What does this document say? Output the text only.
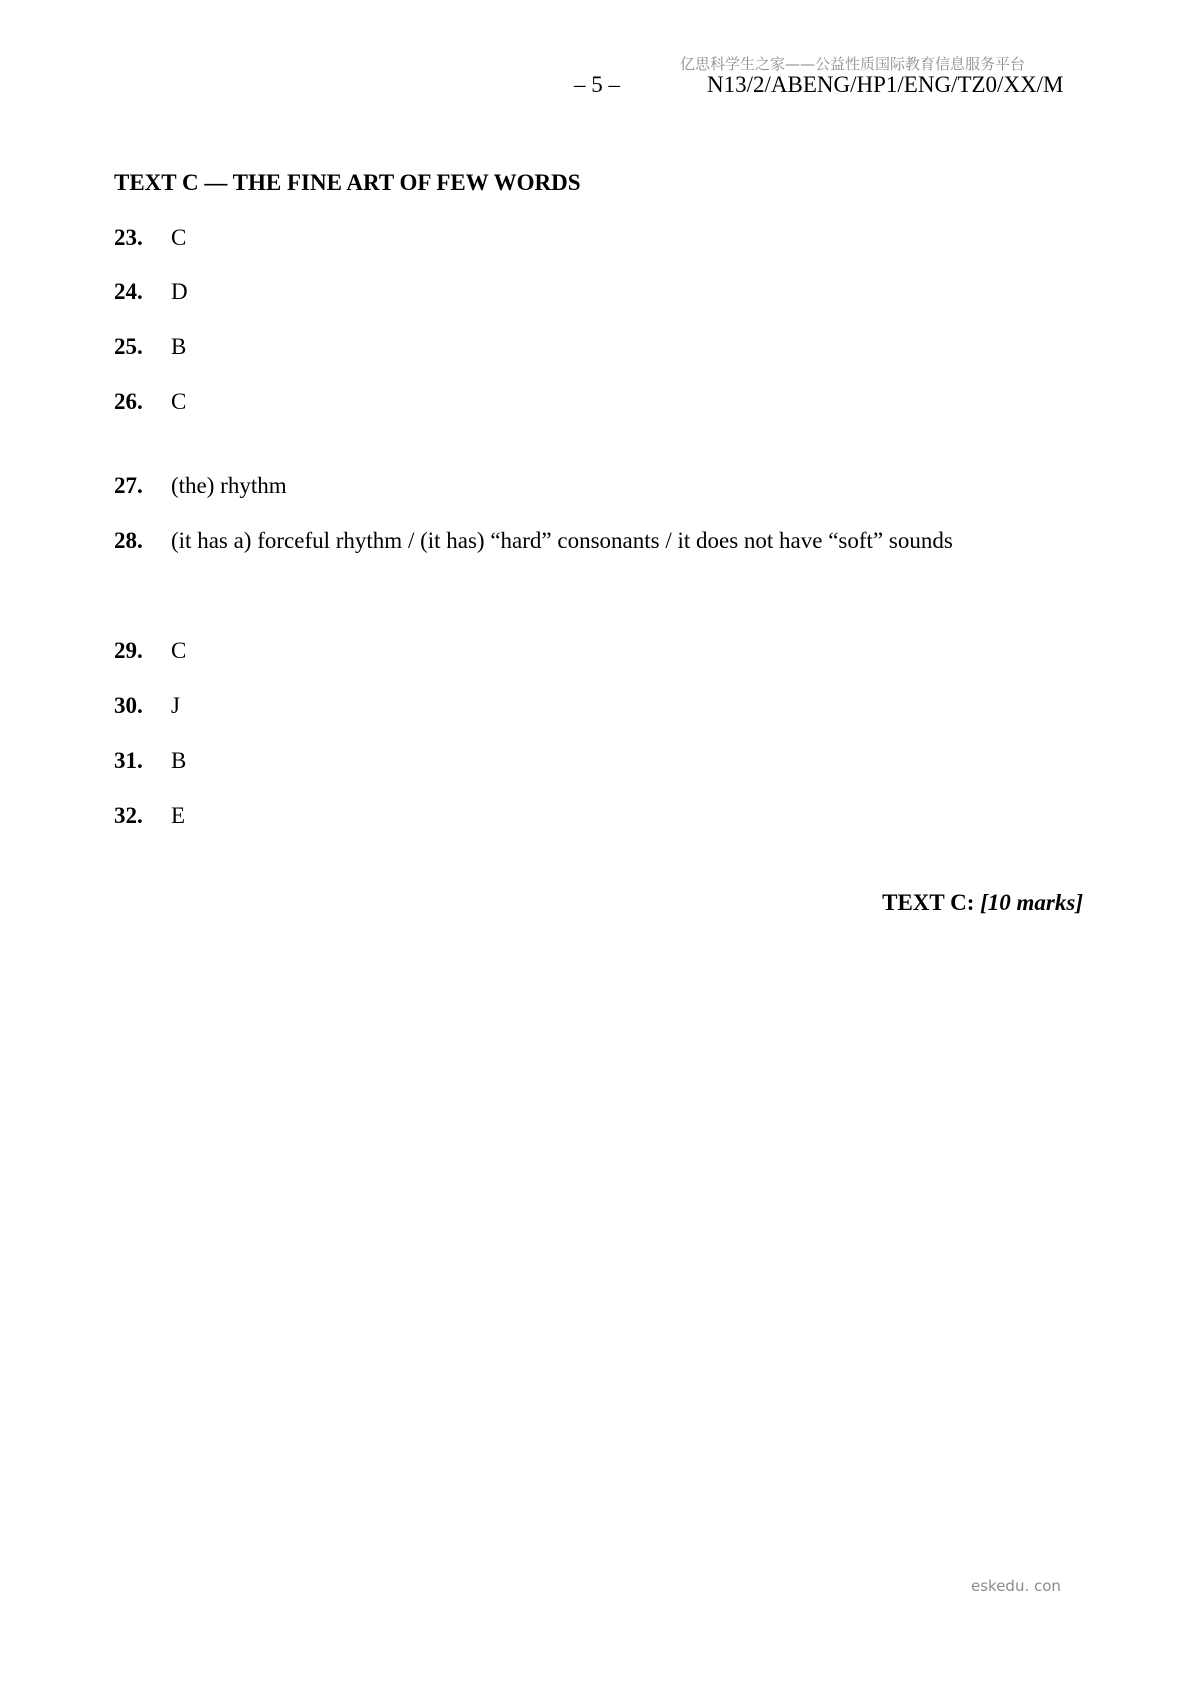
亿思科学生之家——公益性质国际教育信息服务平台
– 5 –	N13/2/ABENG/HP1/ENG/TZ0/XX/M
TEXT C — THE FINE ART OF FEW WORDS
23. C
24. D
25. B
26. C
27. (the) rhythm
28. (it has a) forceful rhythm / (it has) “hard” consonants / it does not have “soft” sounds
29. C
30. J
31. B
32. E
TEXT C: [10 marks]
eskedu. con
